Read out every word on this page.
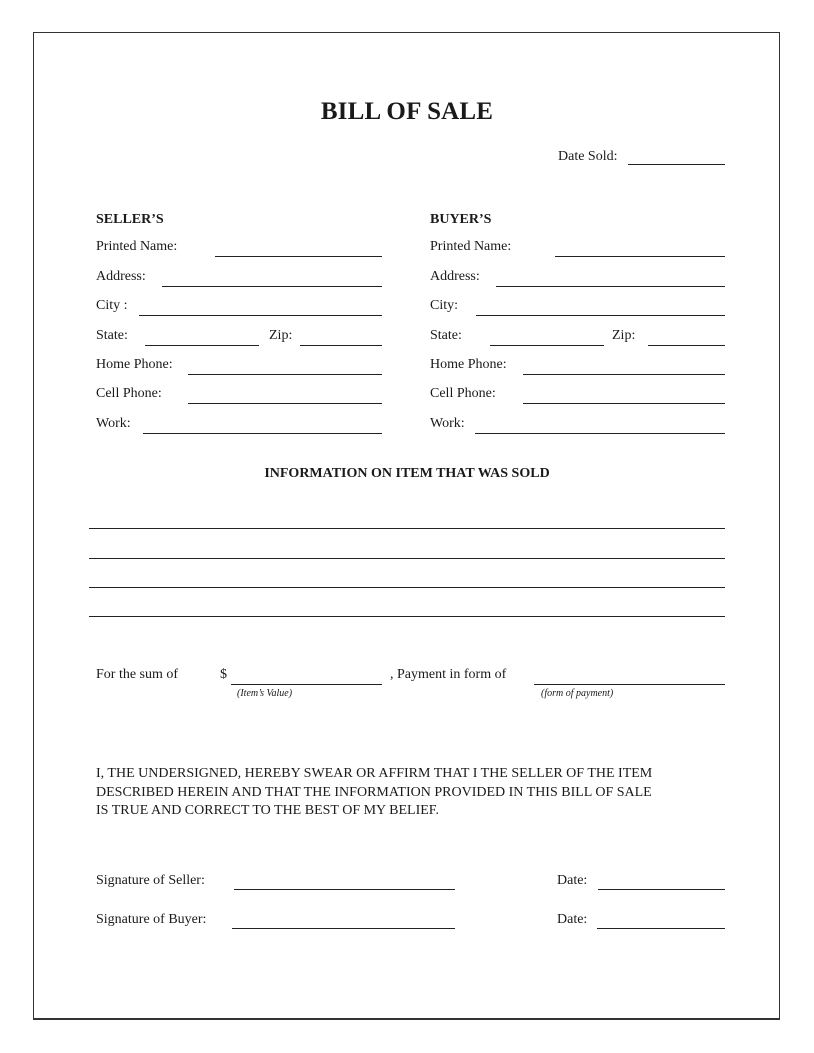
BILL OF SALE
Date Sold:
SELLER’S
Printed Name:
Address:
City :
State:	Zip:
Home Phone:
Cell Phone:
Work:
BUYER’S
Printed Name:
Address:
City:
State:	Zip:
Home Phone:
Cell Phone:
Work:
INFORMATION ON ITEM THAT WAS SOLD
For the sum of	$
(Item’s Value)
, Payment in form of
(form of payment)
I, THE UNDERSIGNED, HEREBY SWEAR OR AFFIRM THAT I THE SELLER OF THE ITEM
DESCRIBED HEREIN AND THAT THE INFORMATION PROVIDED IN THIS BILL OF SALE
IS TRUE AND CORRECT TO THE BEST OF MY BELIEF.
Signature of Seller:	Date:
Signature of Buyer:	Date:
